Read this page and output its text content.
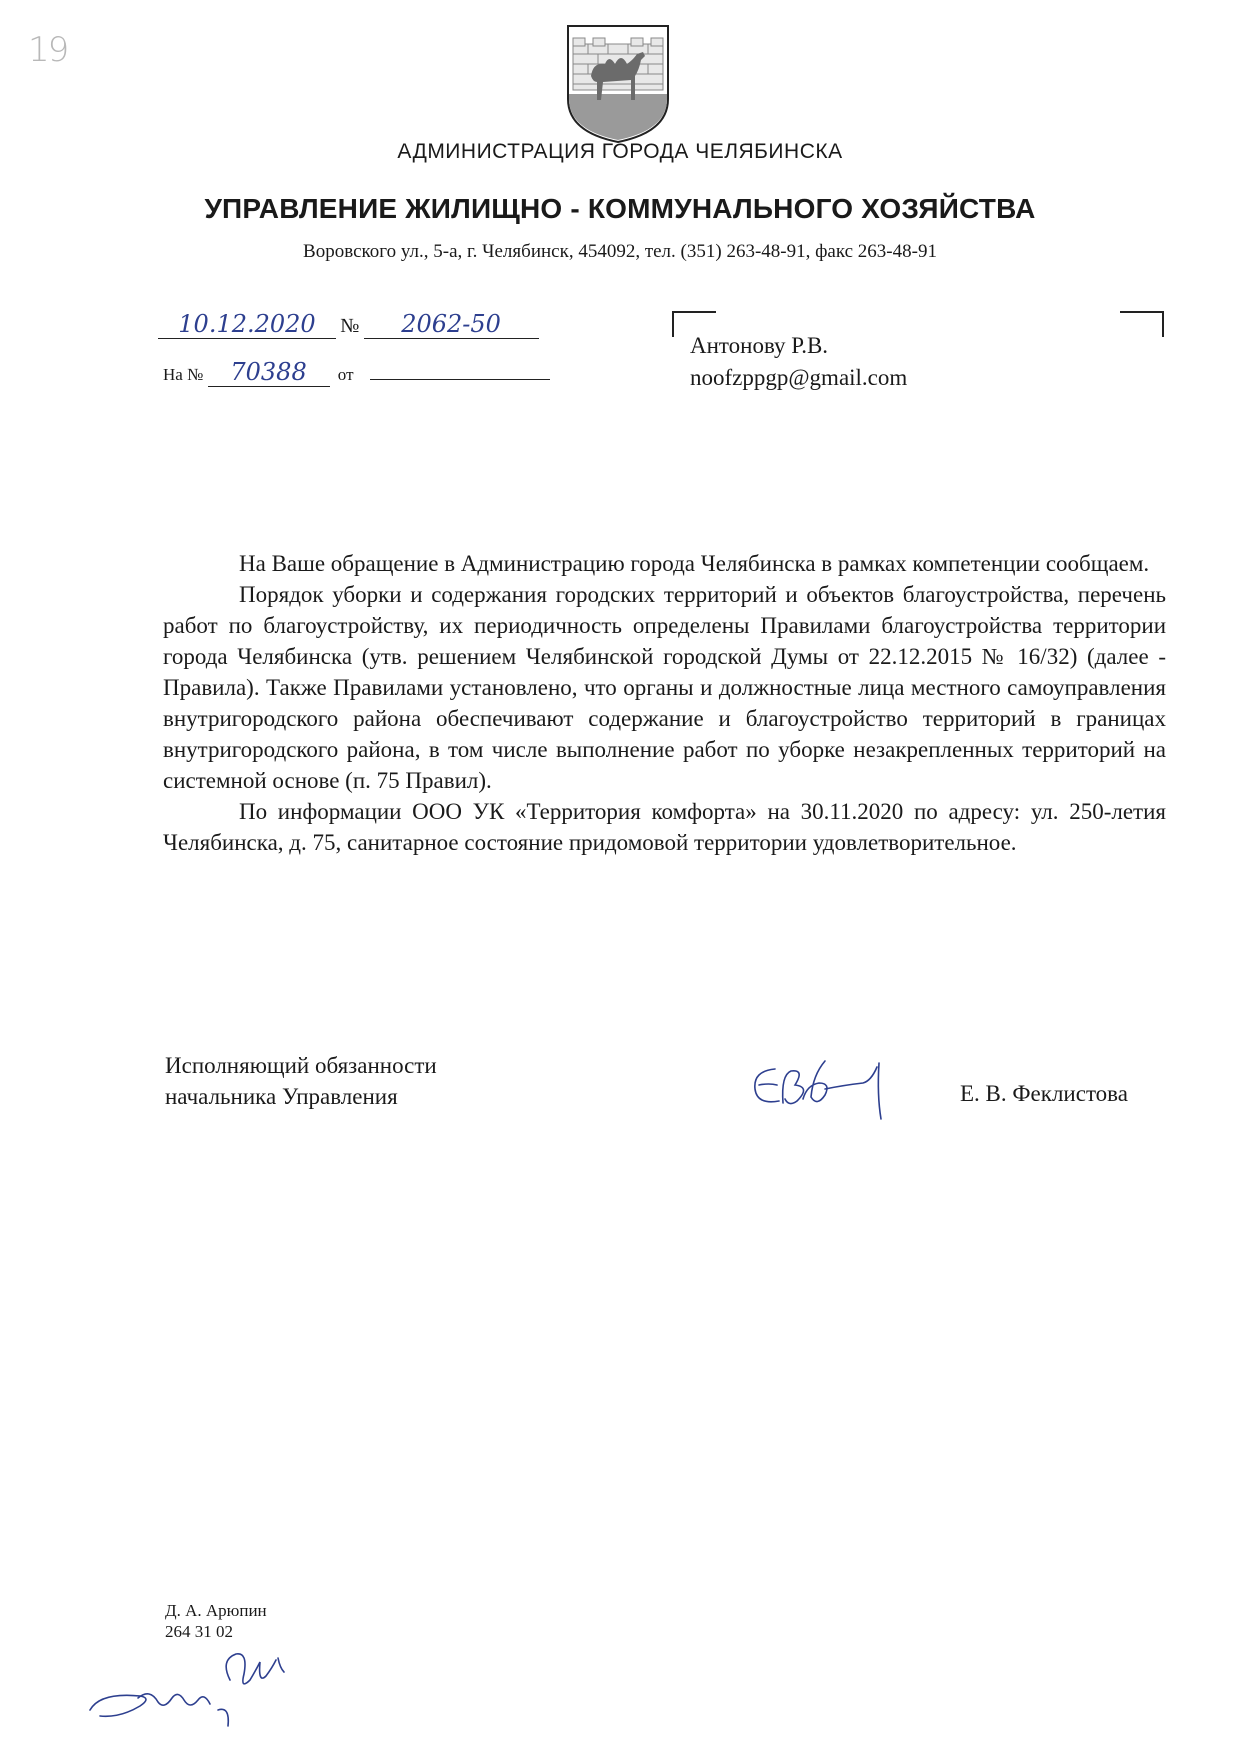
19
АДМИНИСТРАЦИЯ ГОРОДА ЧЕЛЯБИНСКА
УПРАВЛЕНИЕ ЖИЛИЩНО - КОММУНАЛЬНОГО ХОЗЯЙСТВА
Воровского ул., 5-а, г. Челябинск, 454092, тел. (351) 263-48-91, факс 263-48-91
10.12.2020 № 2062-50
На № 70388 от
Антонову Р.В.
noofzppgp@gmail.com

На Ваше обращение в Администрацию города Челябинска в рамках компетенции сообщаем.

Порядок уборки и содержания городских территорий и объектов благоустройства, перечень работ по благоустройству, их периодичность определены Правилами благоустройства территории города Челябинска (утв. решением Челябинской городской Думы от 22.12.2015 № 16/32) (далее - Правила). Также Правилами установлено, что органы и должностные лица местного самоуправления внутригородского района обеспечивают содержание и благоустройство территорий в границах внутригородского района, в том числе выполнение работ по уборке незакрепленных территорий на системной основе (п. 75 Правил).

По информации ООО УК «Территория комфорта» на 30.11.2020 по адресу: ул. 250-летия Челябинска, д. 75, санитарное состояние придомовой территории удовлетворительное.

Исполняющий обязанности
начальника Управления	Е. В. Феклистова
Д. А. Арюпин
264 31 02
